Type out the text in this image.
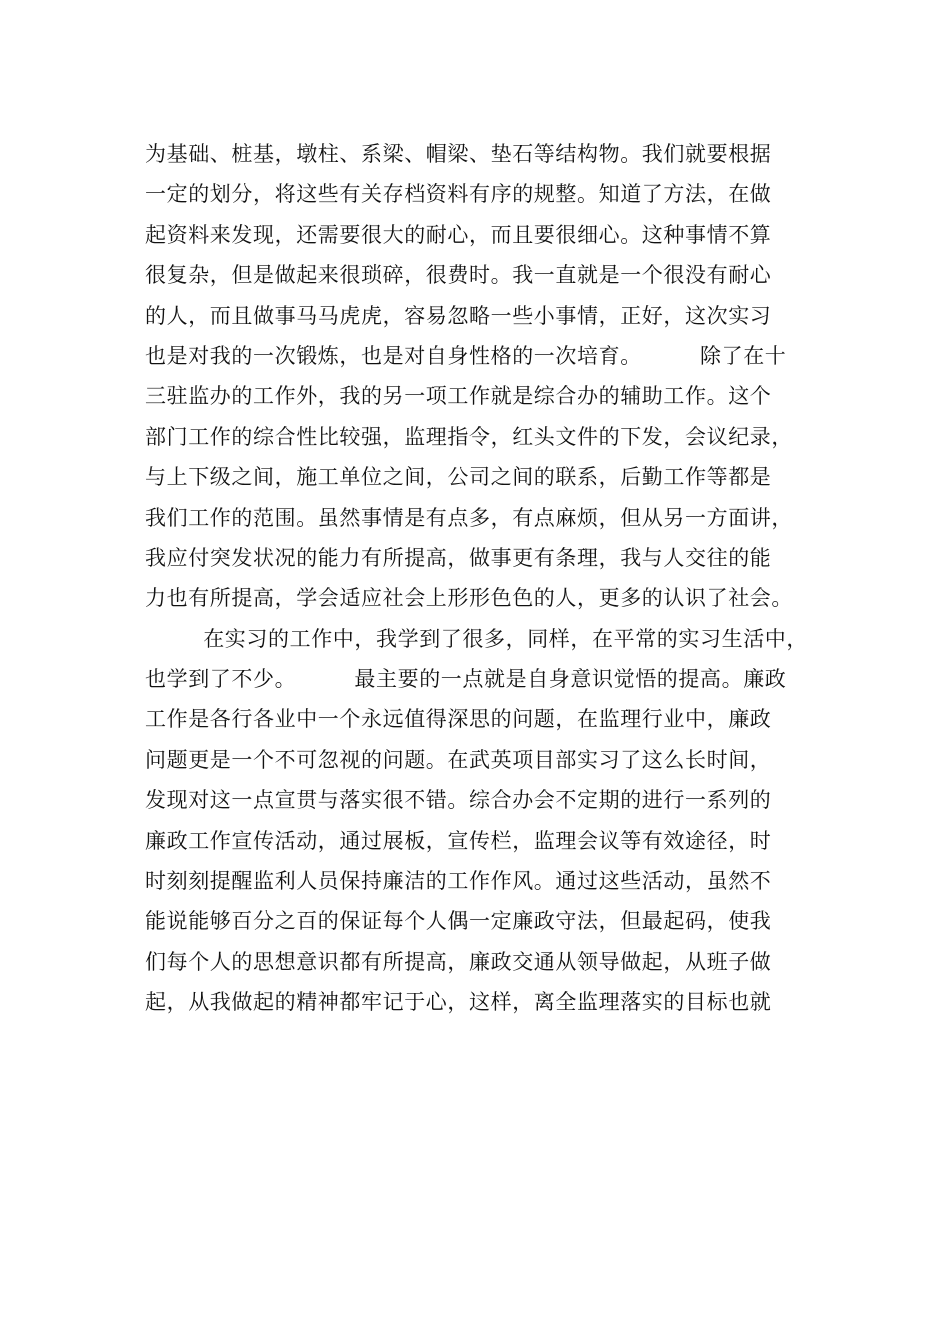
为基础、桩基，墩柱、系梁、帽梁、垫石等结构物。我们就要根据
一定的划分，将这些有关存档资料有序的规整。知道了方法，在做
起资料来发现，还需要很大的耐心，而且要很细心。这种事情不算
很复杂，但是做起来很琐碎，很费时。我一直就是一个很没有耐心
的人，而且做事马马虎虎，容易忽略一些小事情，正好，这次实习
也是对我的一次锻炼，也是对自身性格的一次培育。        除了在十
三驻监办的工作外，我的另一项工作就是综合办的辅助工作。这个
部门工作的综合性比较强，监理指令，红头文件的下发，会议纪录，
与上下级之间，施工单位之间，公司之间的联系，后勤工作等都是
我们工作的范围。虽然事情是有点多，有点麻烦，但从另一方面讲，
我应付突发状况的能力有所提高，做事更有条理，我与人交往的能
力也有所提高，学会适应社会上形形色色的人，更多的认识了社会。
在实习的工作中，我学到了很多，同样，在平常的实习生活中，
也学到了不少。        最主要的一点就是自身意识觉悟的提高。廉政
工作是各行各业中一个永远值得深思的问题，在监理行业中，廉政
问题更是一个不可忽视的问题。在武英项目部实习了这么长时间，
发现对这一点宣贯与落实很不错。综合办会不定期的进行一系列的
廉政工作宣传活动，通过展板，宣传栏，监理会议等有效途径，时
时刻刻提醒监利人员保持廉洁的工作作风。通过这些活动，虽然不
能说能够百分之百的保证每个人偶一定廉政守法，但最起码，使我
们每个人的思想意识都有所提高，廉政交通从领导做起，从班子做
起，从我做起的精神都牢记于心，这样，离全监理落实的目标也就
